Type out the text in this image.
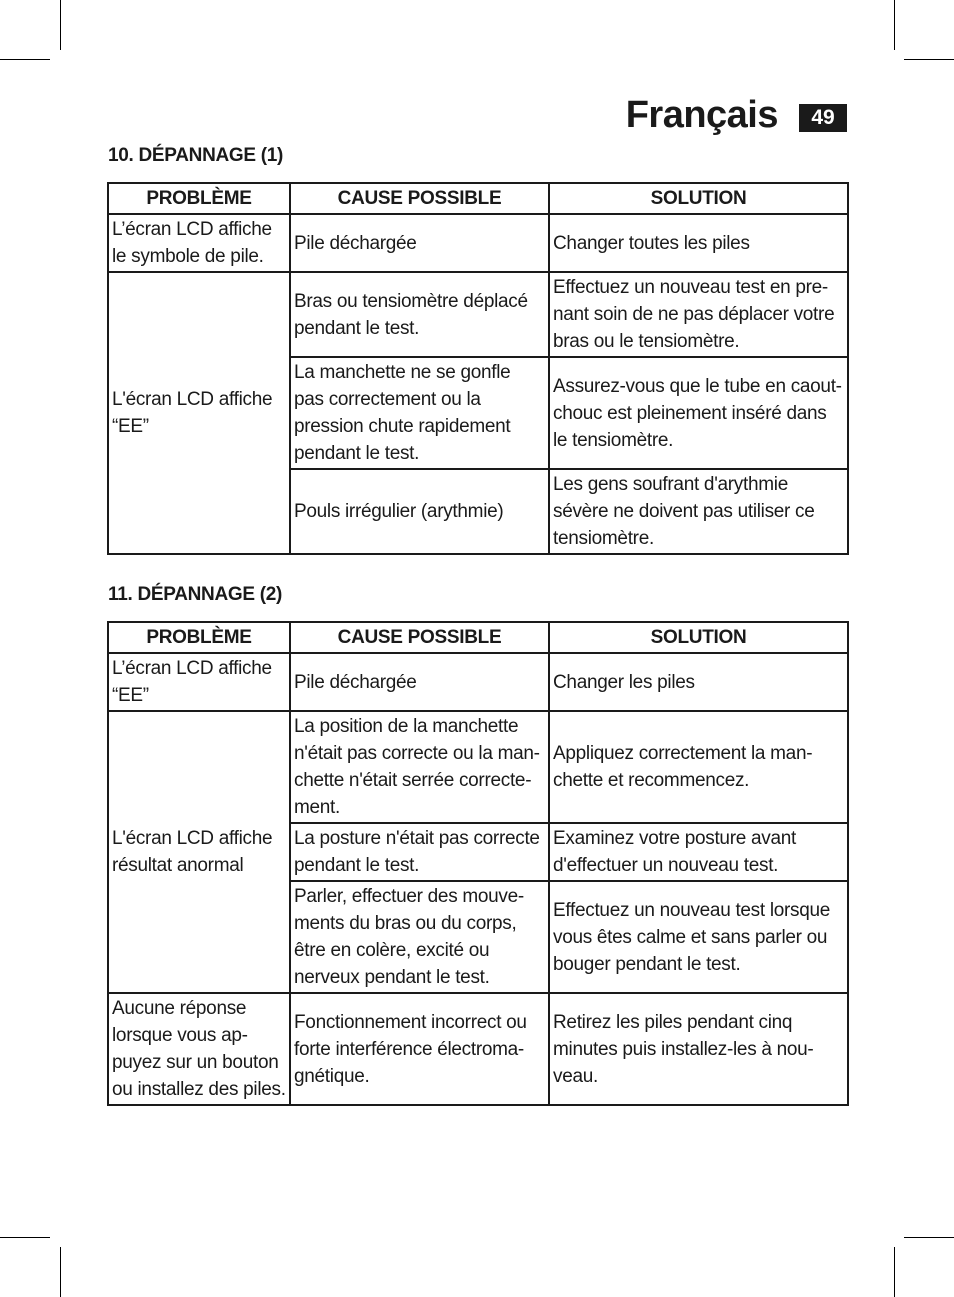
Français	49
10. DÉPANNAGE (1)
PROBLÈME	CAUSE POSSIBLE	SOLUTION
L’écran LCD affiche le symbole de pile.	Pile déchargée	Changer toutes les piles
L'écran LCD affiche “EE”	Bras ou tensiomètre déplacé pendant le test.	Effectuez un nouveau test en pre-nant soin de ne pas déplacer votre bras ou le tensiomètre.
	La manchette ne se gonfle pas correctement ou la pression chute rapidement pendant le test.	Assurez-vous que le tube en caout-chouc est pleinement inséré dans le tensiomètre.
	Pouls irrégulier (arythmie)	Les gens soufrant d'arythmie sévère ne doivent pas utiliser ce tensiomètre.
11. DÉPANNAGE (2)
PROBLÈME	CAUSE POSSIBLE	SOLUTION
L’écran LCD affiche “EE”	Pile déchargée	Changer les piles
L'écran LCD affiche résultat anormal	La position de la manchette n'était pas correcte ou la man-chette n'était serrée correcte-ment.	Appliquez correctement la man-chette et recommencez.
	La posture n'était pas correcte pendant le test.	Examinez votre posture avant d'effectuer un nouveau test.
	Parler, effectuer des mouve-ments du bras ou du corps, être en colère, excité ou nerveux pendant le test.	Effectuez un nouveau test lorsque vous êtes calme et sans parler ou bouger pendant le test.
Aucune réponse lorsque vous ap-puyez sur un bouton ou installez des piles.	Fonctionnement incorrect ou forte interférence électroma-gnétique.	Retirez les piles pendant cinq minutes puis installez-les à nou-veau.
